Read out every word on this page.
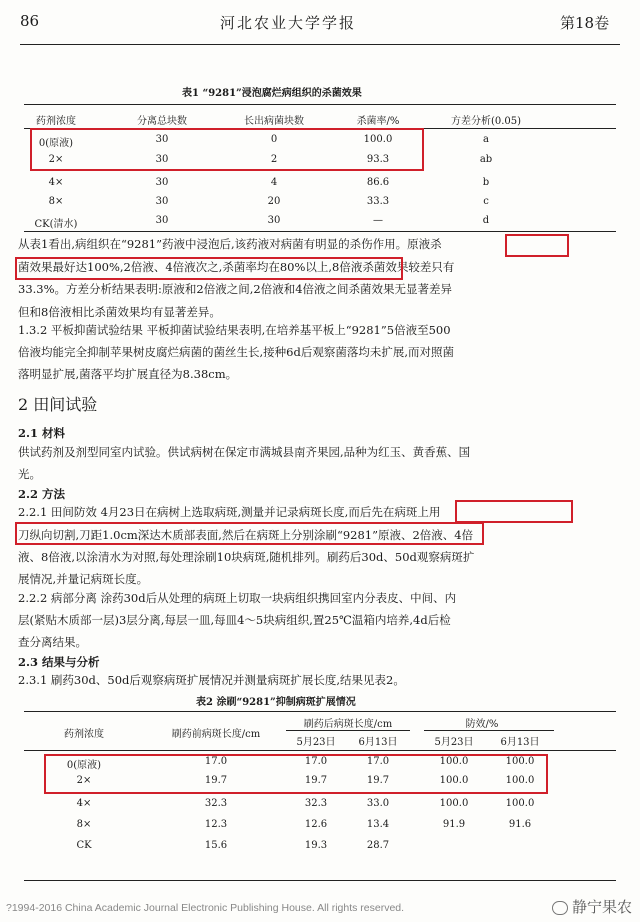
86	河北农业大学学报	第18卷
表1 “9281”浸泡腐烂病组织的杀菌效果
药剂浓度	分离总块数	长出病菌块数	杀菌率/%	方差分析(0.05)
0(原液)	30	0	100.0	a
2×	30	2	93.3	ab
4×	30	4	86.6	b
8×	30	20	33.3	c
CK(清水)	30	30	—	d
从表1看出,病组织在“9281”药液中浸泡后,该药液对病菌有明显的杀伤作用。原液杀
菌效果最好达100%,2倍液、4倍液次之,杀菌率均在80%以上,8倍液杀菌效果较差只有
33.3%。方差分析结果表明:原液和2倍液之间,2倍液和4倍液之间杀菌效果无显著差异
但和8倍液相比杀菌效果均有显著差异。
1.3.2 平板抑菌试验结果 平板抑菌试验结果表明,在培养基平板上“9281”5倍液至500
倍液均能完全抑制苹果树皮腐烂病菌的菌丝生长,接种6d后观察菌落均未扩展,而对照菌
落明显扩展,菌落平均扩展直径为8.38cm。
2 田间试验
2.1 材料
供试药剂及剂型同室内试验。供试病树在保定市满城县南齐果园,品种为红玉、黄香蕉、国
光。
2.2 方法
2.2.1 田间防效 4月23日在病树上选取病斑,测量并记录病斑长度,而后先在病斑上用
刀纵向切割,刀距1.0cm深达木质部表面,然后在病斑上分别涂刷“9281”原液、2倍液、4倍
液、8倍液,以涂清水为对照,每处理涂刷10块病斑,随机排列。刷药后30d、50d观察病斑扩
展情况,并量记病斑长度。
2.2.2 病部分离 涂药30d后从处理的病斑上切取一块病组织携回室内分表皮、中间、内
层(紧贴木质部一层)3层分离,每层一皿,每皿4～5块病组织,置25℃温箱内培养,4d后检
查分离结果。
2.3 结果与分析
2.3.1 刷药30d、50d后观察病斑扩展情况并测量病斑扩展长度,结果见表2。
表2 涂刷“9281”抑制病斑扩展情况
药剂浓度	刷药前病斑长度/cm
刷药后病斑长度/cm	防效/%
5月23日 6月13日	5月23日	6月13日
0(原液)	17.0	17.0	17.0	100.0	100.0
2×	19.7	19.7	19.7	100.0	100.0
4×	32.3	32.3	33.0	100.0	100.0
8×	12.3	12.6	13.4	91.9	91.6
CK	15.6	19.3	28.7
?1994-2016 China Academic Journal Electronic Publishing House. All rights reserved.	静宁果农
